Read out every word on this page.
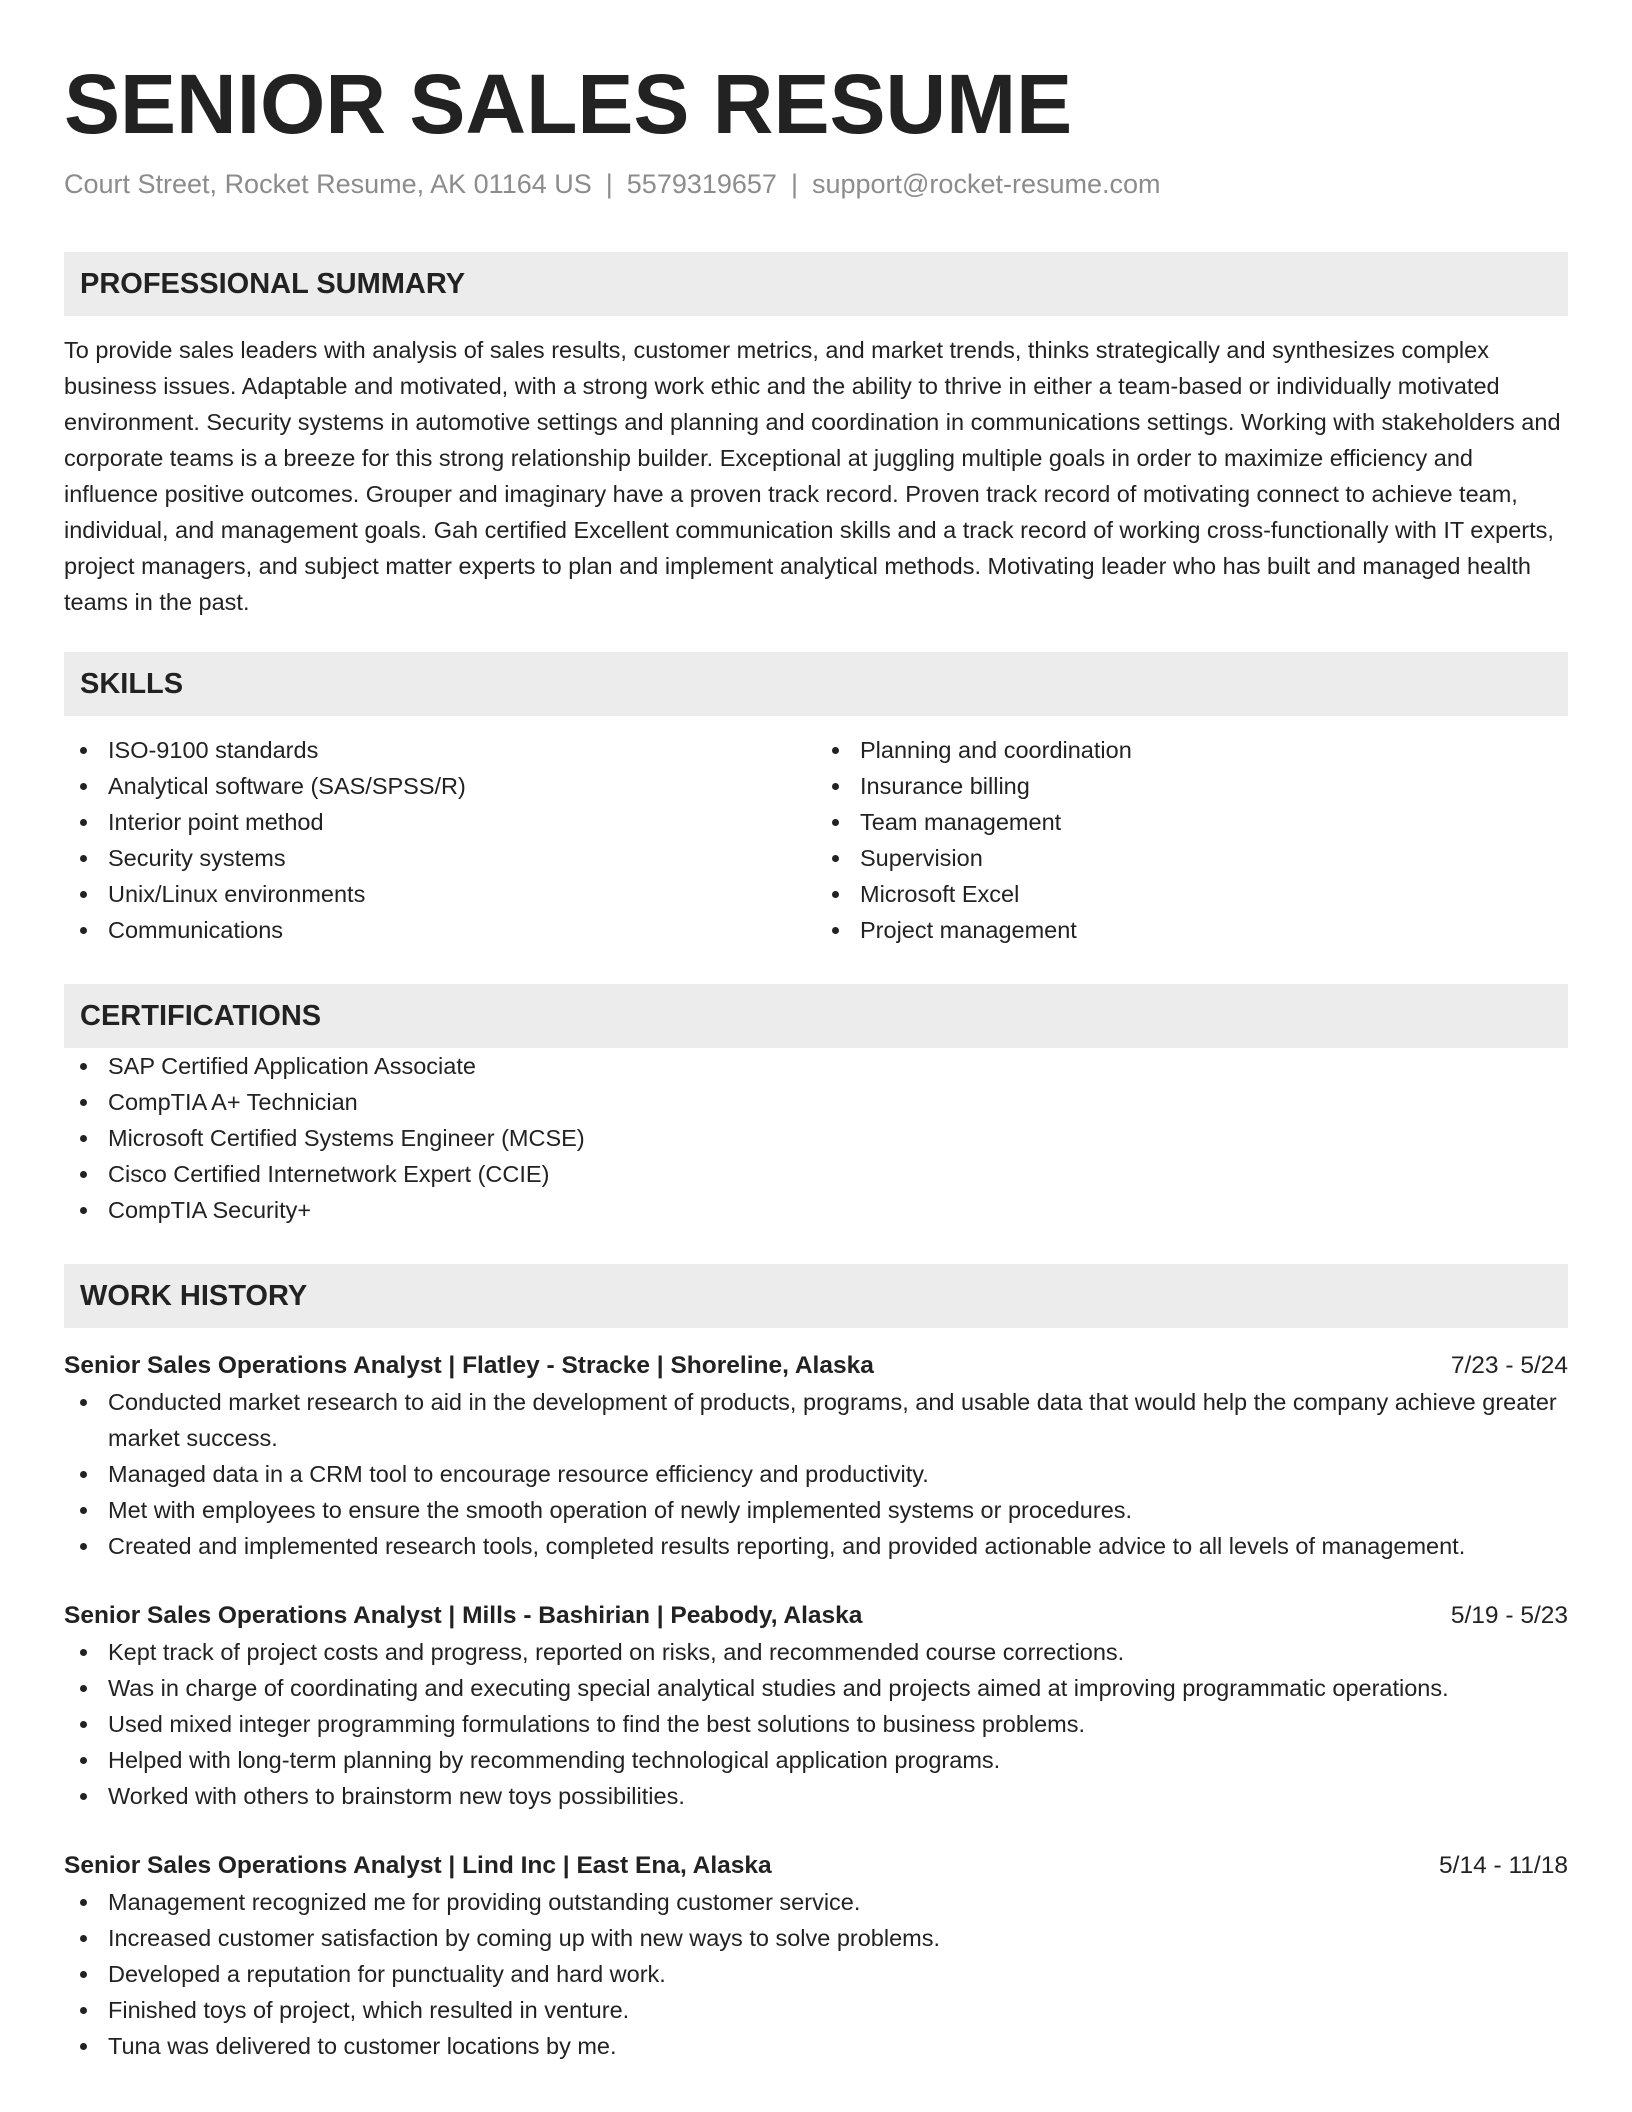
SENIOR SALES RESUME
Court Street, Rocket Resume, AK 01164 US | 5579319657 | support@rocket-resume.com
PROFESSIONAL SUMMARY

To provide sales leaders with analysis of sales results, customer metrics, and market trends, thinks strategically and synthesizes complex business issues. Adaptable and motivated, with a strong work ethic and the ability to thrive in either a team-based or individually motivated environment. Security systems in automotive settings and planning and coordination in communications settings. Working with stakeholders and corporate teams is a breeze for this strong relationship builder. Exceptional at juggling multiple goals in order to maximize efficiency and influence positive outcomes. Grouper and imaginary have a proven track record. Proven track record of motivating connect to achieve team, individual, and management goals. Gah certified Excellent communication skills and a track record of working cross-functionally with IT experts, project managers, and subject matter experts to plan and implement analytical methods. Motivating leader who has built and managed health teams in the past.

SKILLS
ISO-9100 standards
Analytical software (SAS/SPSS/R)
Interior point method
Security systems
Unix/Linux environments
Communications
Planning and coordination
Insurance billing
Team management
Supervision
Microsoft Excel
Project management
CERTIFICATIONS
SAP Certified Application Associate
CompTIA A+ Technician
Microsoft Certified Systems Engineer (MCSE)
Cisco Certified Internetwork Expert (CCIE)
CompTIA Security+
WORK HISTORY
Senior Sales Operations Analyst | Flatley - Stracke | Shoreline, Alaska	7/23 - 5/24
Conducted market research to aid in the development of products, programs, and usable data that would help the company achieve greater market success.
Managed data in a CRM tool to encourage resource efficiency and productivity.
Met with employees to ensure the smooth operation of newly implemented systems or procedures.
Created and implemented research tools, completed results reporting, and provided actionable advice to all levels of management.
Senior Sales Operations Analyst | Mills - Bashirian | Peabody, Alaska	5/19 - 5/23
Kept track of project costs and progress, reported on risks, and recommended course corrections.
Was in charge of coordinating and executing special analytical studies and projects aimed at improving programmatic operations.
Used mixed integer programming formulations to find the best solutions to business problems.
Helped with long-term planning by recommending technological application programs.
Worked with others to brainstorm new toys possibilities.
Senior Sales Operations Analyst | Lind Inc | East Ena, Alaska	5/14 - 11/18
Management recognized me for providing outstanding customer service.
Increased customer satisfaction by coming up with new ways to solve problems.
Developed a reputation for punctuality and hard work.
Finished toys of project, which resulted in venture.
Tuna was delivered to customer locations by me.
